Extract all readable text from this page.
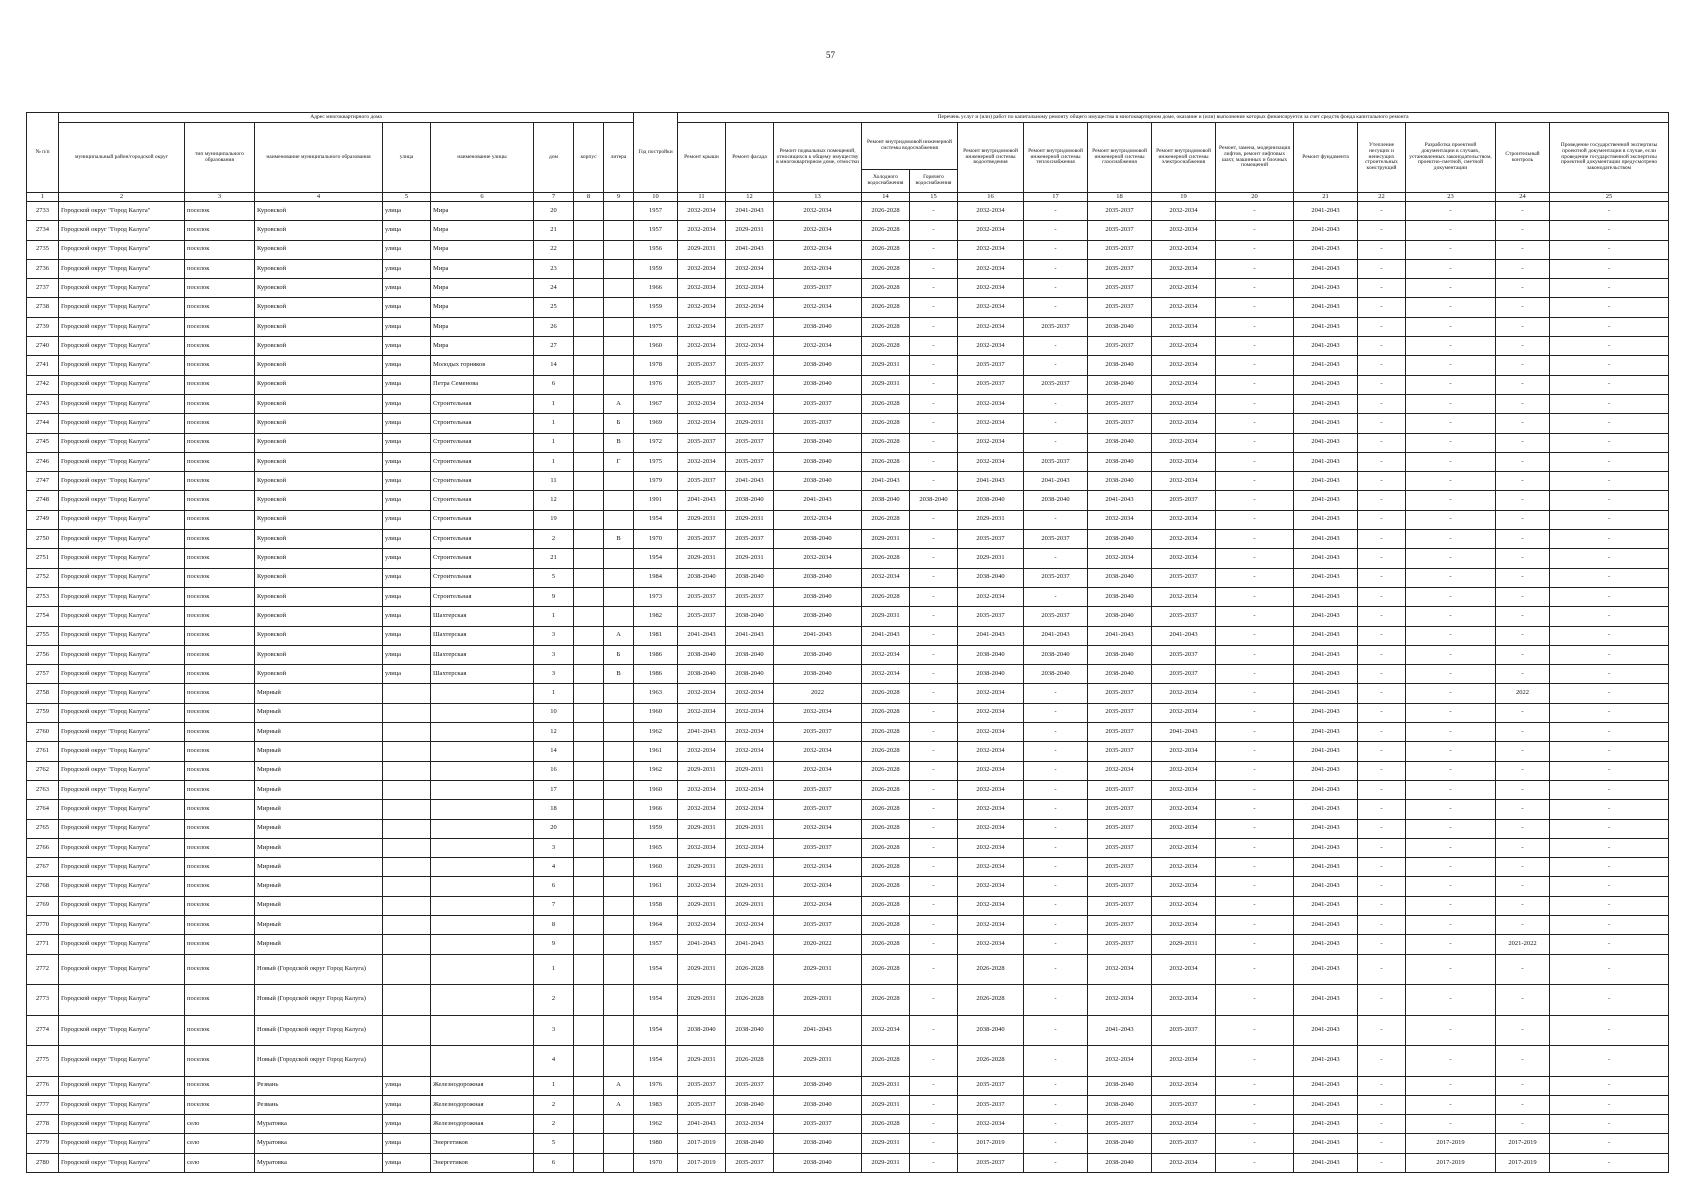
57
№ п/п	Адрес многоквартирного дома								Год постройки	Перечень услуг и (или) работ по капитальному ремонту общего имущества в многоквартирном доме, оказание и (или) выполнение которых финансируется за счет средств фонда капитального ремонта														
	муниципальный район/городской округ	тип муниципального образования	наименование муниципального образования	улица	наименование улицы	дом	корпус	литера		Ремонт крыши	Ремонт фасада	Ремонт подвальных помещений, относящихся к общему имуществу в многоквартирном доме, отмостки	Ремонт внутридомовой инженерной системы водоснабжения		Ремонт внутридомовой инженерной системы водоотведения	Ремонт внутридомовой инженерной системы теплоснабжения	Ремонт внутридомовой инженерной системы газоснабжения	Ремонт внутридомовой инженерной системы электроснабжения	Ремонт, замена, модернизация лифтов, ремонт лифтовых шахт, машинных и блочных помещений	Ремонт фундамента	Утепление несущих и ненесущих строительных конструкций	Разработка проектной документации в случаях, установленных законодательством, проектно-сметной, сметной документации	Строительный контроль	Проведение государственной экспертизы проектной документации в случае, если проведение государственной экспертизы проектной документации предусмотрено законодательством
													Холодного водоснабжения	Горячего водоснабжения										
1	2	3	4	5	6	7	8	9	10	11	12	13	14	15	16	17	18	19	20	21	22	23	24	25
2733	Городской округ "Город Калуга"	поселок	Куровской	улица	Мира	20			1957	2032-2034	2041-2043	2032-2034	2026-2028	-	2032-2034	-	2035-2037	2032-2034	-	2041-2043	-	-	-	-
2734	Городской округ "Город Калуга"	поселок	Куровской	улица	Мира	21			1957	2032-2034	2029-2031	2032-2034	2026-2028	-	2032-2034	-	2035-2037	2032-2034	-	2041-2043	-	-	-	-
2735	Городской округ "Город Калуга"	поселок	Куровской	улица	Мира	22			1956	2029-2031	2041-2043	2032-2034	2026-2028	-	2032-2034	-	2035-2037	2032-2034	-	2041-2043	-	-	-	-
2736	Городской округ "Город Калуга"	поселок	Куровской	улица	Мира	23			1959	2032-2034	2032-2034	2032-2034	2026-2028	-	2032-2034	-	2035-2037	2032-2034	-	2041-2043	-	-	-	-
2737	Городской округ "Город Калуга"	поселок	Куровской	улица	Мира	24			1966	2032-2034	2032-2034	2035-2037	2026-2028	-	2032-2034	-	2035-2037	2032-2034	-	2041-2043	-	-	-	-
2738	Городской округ "Город Калуга"	поселок	Куровской	улица	Мира	25			1959	2032-2034	2032-2034	2032-2034	2026-2028	-	2032-2034	-	2035-2037	2032-2034	-	2041-2043	-	-	-	-
2739	Городской округ "Город Калуга"	поселок	Куровской	улица	Мира	26			1975	2032-2034	2035-2037	2038-2040	2026-2028	-	2032-2034	2035-2037	2038-2040	2032-2034	-	2041-2043	-	-	-	-
2740	Городской округ "Город Калуга"	поселок	Куровской	улица	Мира	27			1960	2032-2034	2032-2034	2032-2034	2026-2028	-	2032-2034	-	2035-2037	2032-2034	-	2041-2043	-	-	-	-
2741	Городской округ "Город Калуга"	поселок	Куровской	улица	Молодых горняков	14			1978	2035-2037	2035-2037	2038-2040	2029-2031	-	2035-2037	-	2038-2040	2032-2034	-	2041-2043	-	-	-	-
2742	Городской округ "Город Калуга"	поселок	Куровской	улица	Петра Семенова	6			1976	2035-2037	2035-2037	2038-2040	2029-2031	-	2035-2037	2035-2037	2038-2040	2032-2034	-	2041-2043	-	-	-	-
2743	Городской округ "Город Калуга"	поселок	Куровской	улица	Строительная	1		А	1967	2032-2034	2032-2034	2035-2037	2026-2028	-	2032-2034	-	2035-2037	2032-2034	-	2041-2043	-	-	-	-
2744	Городской округ "Город Калуга"	поселок	Куровской	улица	Строительная	1		Б	1969	2032-2034	2029-2031	2035-2037	2026-2028	-	2032-2034	-	2035-2037	2032-2034	-	2041-2043	-	-	-	-
2745	Городской округ "Город Калуга"	поселок	Куровской	улица	Строительная	1		В	1972	2035-2037	2035-2037	2038-2040	2026-2028	-	2032-2034	-	2038-2040	2032-2034	-	2041-2043	-	-	-	-
2746	Городской округ "Город Калуга"	поселок	Куровской	улица	Строительная	1		Г	1975	2032-2034	2035-2037	2038-2040	2026-2028	-	2032-2034	2035-2037	2038-2040	2032-2034	-	2041-2043	-	-	-	-
2747	Городской округ "Город Калуга"	поселок	Куровской	улица	Строительная	11			1979	2035-2037	2041-2043	2038-2040	2041-2043	-	2041-2043	2041-2043	2038-2040	2032-2034	-	2041-2043	-	-	-	-
2748	Городской округ "Город Калуга"	поселок	Куровской	улица	Строительная	12			1991	2041-2043	2038-2040	2041-2043	2038-2040	2038-2040	2038-2040	2038-2040	2041-2043	2035-2037	-	2041-2043	-	-	-	-
2749	Городской округ "Город Калуга"	поселок	Куровской	улица	Строительная	19			1954	2029-2031	2029-2031	2032-2034	2026-2028	-	2029-2031	-	2032-2034	2032-2034	-	2041-2043	-	-	-	-
2750	Городской округ "Город Калуга"	поселок	Куровской	улица	Строительная	2		В	1970	2035-2037	2035-2037	2038-2040	2029-2031	-	2035-2037	2035-2037	2038-2040	2032-2034	-	2041-2043	-	-	-	-
2751	Городской округ "Город Калуга"	поселок	Куровской	улица	Строительная	21			1954	2029-2031	2029-2031	2032-2034	2026-2028	-	2029-2031	-	2032-2034	2032-2034	-	2041-2043	-	-	-	-
2752	Городской округ "Город Калуга"	поселок	Куровской	улица	Строительная	5			1984	2038-2040	2038-2040	2038-2040	2032-2034	-	2038-2040	2035-2037	2038-2040	2035-2037	-	2041-2043	-	-	-	-
2753	Городской округ "Город Калуга"	поселок	Куровской	улица	Строительная	9			1973	2035-2037	2035-2037	2038-2040	2026-2028	-	2032-2034	-	2038-2040	2032-2034	-	2041-2043	-	-	-	-
2754	Городской округ "Город Калуга"	поселок	Куровской	улица	Шахтерская	1			1982	2035-2037	2038-2040	2038-2040	2029-2031	-	2035-2037	2035-2037	2038-2040	2035-2037	-	2041-2043	-	-	-	-
2755	Городской округ "Город Калуга"	поселок	Куровской	улица	Шахтерская	3		А	1981	2041-2043	2041-2043	2041-2043	2041-2043	-	2041-2043	2041-2043	2041-2043	2041-2043	-	2041-2043	-	-	-	-
2756	Городской округ "Город Калуга"	поселок	Куровской	улица	Шахтерская	3		Б	1986	2038-2040	2038-2040	2038-2040	2032-2034	-	2038-2040	2038-2040	2038-2040	2035-2037	-	2041-2043	-	-	-	-
2757	Городской округ "Город Калуга"	поселок	Куровской	улица	Шахтерская	3		В	1986	2038-2040	2038-2040	2038-2040	2032-2034	-	2038-2040	2038-2040	2038-2040	2035-2037	-	2041-2043	-	-	-	-
2758	Городской округ "Город Калуга"	поселок	Мирный			1			1963	2032-2034	2032-2034	2022	2026-2028	-	2032-2034	-	2035-2037	2032-2034	-	2041-2043	-	-	2022	-
2759	Городской округ "Город Калуга"	поселок	Мирный			10			1960	2032-2034	2032-2034	2032-2034	2026-2028	-	2032-2034	-	2035-2037	2032-2034	-	2041-2043	-	-	-	-
2760	Городской округ "Город Калуга"	поселок	Мирный			12			1962	2041-2043	2032-2034	2035-2037	2026-2028	-	2032-2034	-	2035-2037	2041-2043	-	2041-2043	-	-	-	-
2761	Городской округ "Город Калуга"	поселок	Мирный			14			1961	2032-2034	2032-2034	2032-2034	2026-2028	-	2032-2034	-	2035-2037	2032-2034	-	2041-2043	-	-	-	-
2762	Городской округ "Город Калуга"	поселок	Мирный			16			1962	2029-2031	2029-2031	2032-2034	2026-2028	-	2032-2034	-	2032-2034	2032-2034	-	2041-2043	-	-	-	-
2763	Городской округ "Город Калуга"	поселок	Мирный			17			1960	2032-2034	2032-2034	2035-2037	2026-2028	-	2032-2034	-	2035-2037	2032-2034	-	2041-2043	-	-	-	-
2764	Городской округ "Город Калуга"	поселок	Мирный			18			1966	2032-2034	2032-2034	2035-2037	2026-2028	-	2032-2034	-	2035-2037	2032-2034	-	2041-2043	-	-	-	-
2765	Городской округ "Город Калуга"	поселок	Мирный			20			1959	2029-2031	2029-2031	2032-2034	2026-2028	-	2032-2034	-	2035-2037	2032-2034	-	2041-2043	-	-	-	-
2766	Городской округ "Город Калуга"	поселок	Мирный			3			1965	2032-2034	2032-2034	2035-2037	2026-2028	-	2032-2034	-	2035-2037	2032-2034	-	2041-2043	-	-	-	-
2767	Городской округ "Город Калуга"	поселок	Мирный			4			1960	2029-2031	2029-2031	2032-2034	2026-2028	-	2032-2034	-	2035-2037	2032-2034	-	2041-2043	-	-	-	-
2768	Городской округ "Город Калуга"	поселок	Мирный			6			1961	2032-2034	2029-2031	2032-2034	2026-2028	-	2032-2034	-	2035-2037	2032-2034	-	2041-2043	-	-	-	-
2769	Городской округ "Город Калуга"	поселок	Мирный			7			1958	2029-2031	2029-2031	2032-2034	2026-2028	-	2032-2034	-	2035-2037	2032-2034	-	2041-2043	-	-	-	-
2770	Городской округ "Город Калуга"	поселок	Мирный			8			1964	2032-2034	2032-2034	2035-2037	2026-2028	-	2032-2034	-	2035-2037	2032-2034	-	2041-2043	-	-	-	-
2771	Городской округ "Город Калуга"	поселок	Мирный			9			1957	2041-2043	2041-2043	2020-2022	2026-2028	-	2032-2034	-	2035-2037	2029-2031	-	2041-2043	-	-	2021-2022	-
2772	Городской округ "Город Калуга"	поселок	Новый (Городской округ Город Калуга)			1			1954	2029-2031	2026-2028	2029-2031	2026-2028	-	2026-2028	-	2032-2034	2032-2034	-	2041-2043	-	-	-	-
2773	Городской округ "Город Калуга"	поселок	Новый (Городской округ Город Калуга)			2			1954	2029-2031	2026-2028	2029-2031	2026-2028	-	2026-2028	-	2032-2034	2032-2034	-	2041-2043	-	-	-	-
2774	Городской округ "Город Калуга"	поселок	Новый (Городской округ Город Калуга)			3			1954	2038-2040	2038-2040	2041-2043	2032-2034	-	2038-2040	-	2041-2043	2035-2037	-	2041-2043	-	-	-	-
2775	Городской округ "Город Калуга"	поселок	Новый (Городской округ Город Калуга)			4			1954	2029-2031	2026-2028	2029-2031	2026-2028	-	2026-2028	-	2032-2034	2032-2034	-	2041-2043	-	-	-	-
2776	Городской округ "Город Калуга"	поселок	Резвань	улица	Железнодорожная	1		А	1976	2035-2037	2035-2037	2038-2040	2029-2031	-	2035-2037	-	2038-2040	2032-2034	-	2041-2043	-	-	-	-
2777	Городской округ "Город Калуга"	поселок	Резвань	улица	Железнодорожная	2		А	1983	2035-2037	2038-2040	2038-2040	2029-2031	-	2035-2037	-	2038-2040	2035-2037	-	2041-2043	-	-	-	-
2778	Городской округ "Город Калуга"	село	Муратовка	улица	Железнодорожная	2			1962	2041-2043	2032-2034	2035-2037	2026-2028	-	2032-2034	-	2035-2037	2032-2034	-	2041-2043	-	-	-	-
2779	Городской округ "Город Калуга"	село	Муратовка	улица	Энергетиков	5			1980	2017-2019	2038-2040	2038-2040	2029-2031	-	2017-2019	-	2038-2040	2035-2037	-	2041-2043	-	2017-2019	2017-2019	-
2780	Городской округ "Город Калуга"	село	Муратовка	улица	Энергетиков	6			1970	2017-2019	2035-2037	2038-2040	2029-2031	-	2035-2037	-	2038-2040	2032-2034	-	2041-2043	-	2017-2019	2017-2019	-
